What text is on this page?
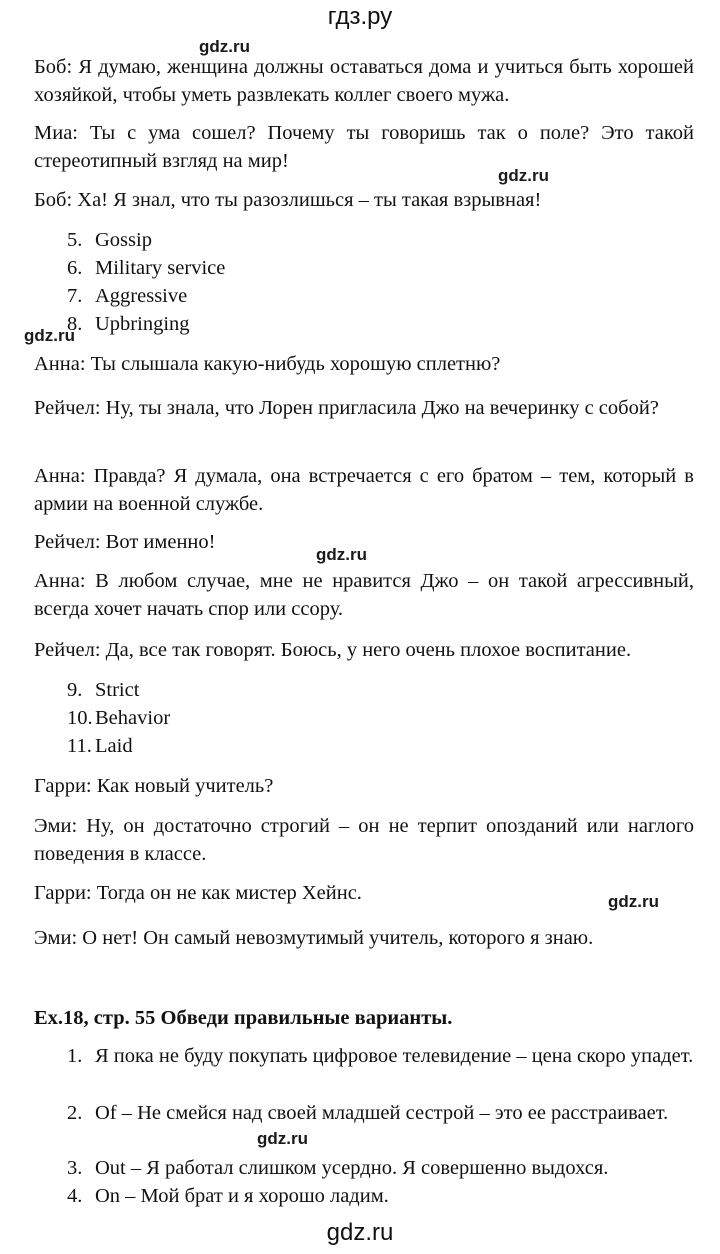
гдз.ру
gdz.ru
gdz.ru
gdz.ru
gdz.ru
gdz.ru
gdz.ru

Боб: Я думаю, женщина должны оставаться дома и учиться быть хорошей хозяйкой, чтобы уметь развлекать коллег своего мужа.

Миа: Ты с ума сошел? Почему ты говоришь так о поле? Это такой стереотипный взгляд на мир!

Боб: Ха! Я знал, что ты разозлишься – ты такая взрывная!

5. Gossip

6. Military service

7. Aggressive

8. Upbringing

Анна: Ты слышала какую-нибудь хорошую сплетню?

Рейчел: Ну, ты знала, что Лорен пригласила Джо на вечеринку с собой?

Анна: Правда? Я думала, она встречается с его братом – тем, который в армии на военной службе.

Рейчел: Вот именно!

Анна: В любом случае, мне не нравится Джо – он такой агрессивный, всегда хочет начать спор или ссору.

Рейчел: Да, все так говорят. Боюсь, у него очень плохое воспитание.

9. Strict

10. Behavior

11. Laid

Гарри: Как новый учитель?

Эми: Ну, он достаточно строгий – он не терпит опозданий или наглого поведения в классе.

Гарри: Тогда он не как мистер Хейнс.

Эми: О нет! Он самый невозмутимый учитель, которого я знаю.

Ex.18, стр. 55 Обведи правильные варианты.

1. Я пока не буду покупать цифровое телевидение – цена скоро упадет.
2. Of – Не смейся над своей младшей сестрой – это ее расстраивает.
3. Out – Я работал слишком усердно. Я совершенно выдохся.
4. On – Мой брат и я хорошо ладим.
gdz.ru
